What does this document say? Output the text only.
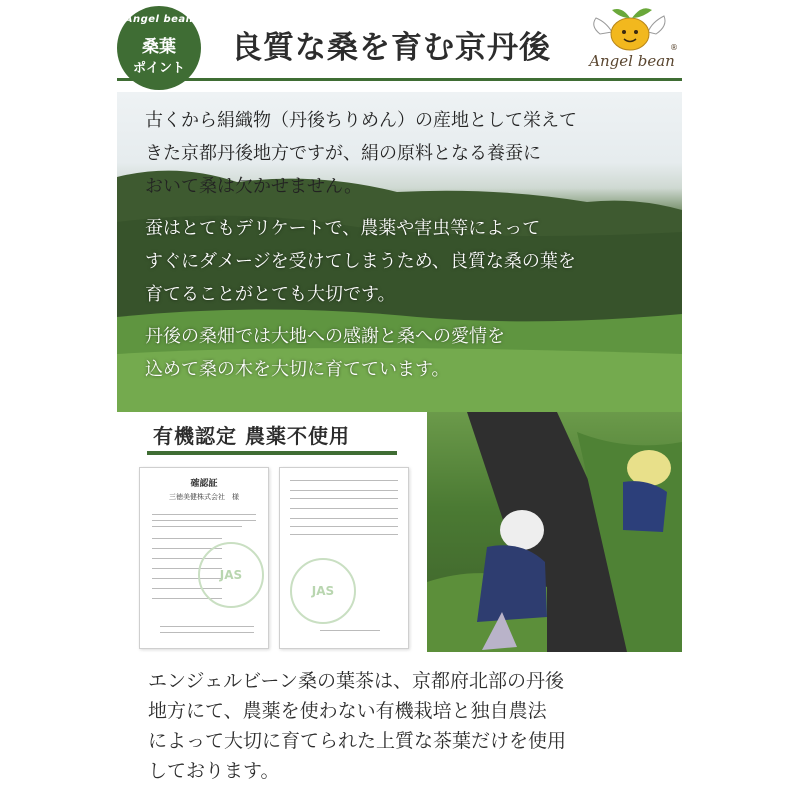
Angel bean
桑葉
ポイント
良質な桑を育む京丹後	®
Angel bean
古くから絹織物（丹後ちりめん）の産地として栄えて
きた京都丹後地方ですが、絹の原料となる養蚕に
おいて桑は欠かせません。
蚕はとてもデリケートで、農薬や害虫等によって
すぐにダメージを受けてしまうため、良質な桑の葉を
育てることがとても大切です。
丹後の桑畑では大地への感謝と桑への愛情を
込めて桑の木を大切に育てています。
有機認定 農薬不使用
確認証
三徳美健株式会社　様
JAS
JAS
エンジェルビーン桑の葉茶は、京都府北部の丹後
地方にて、農薬を使わない有機栽培と独自農法
によって大切に育てられた上質な茶葉だけを使用
しております。
